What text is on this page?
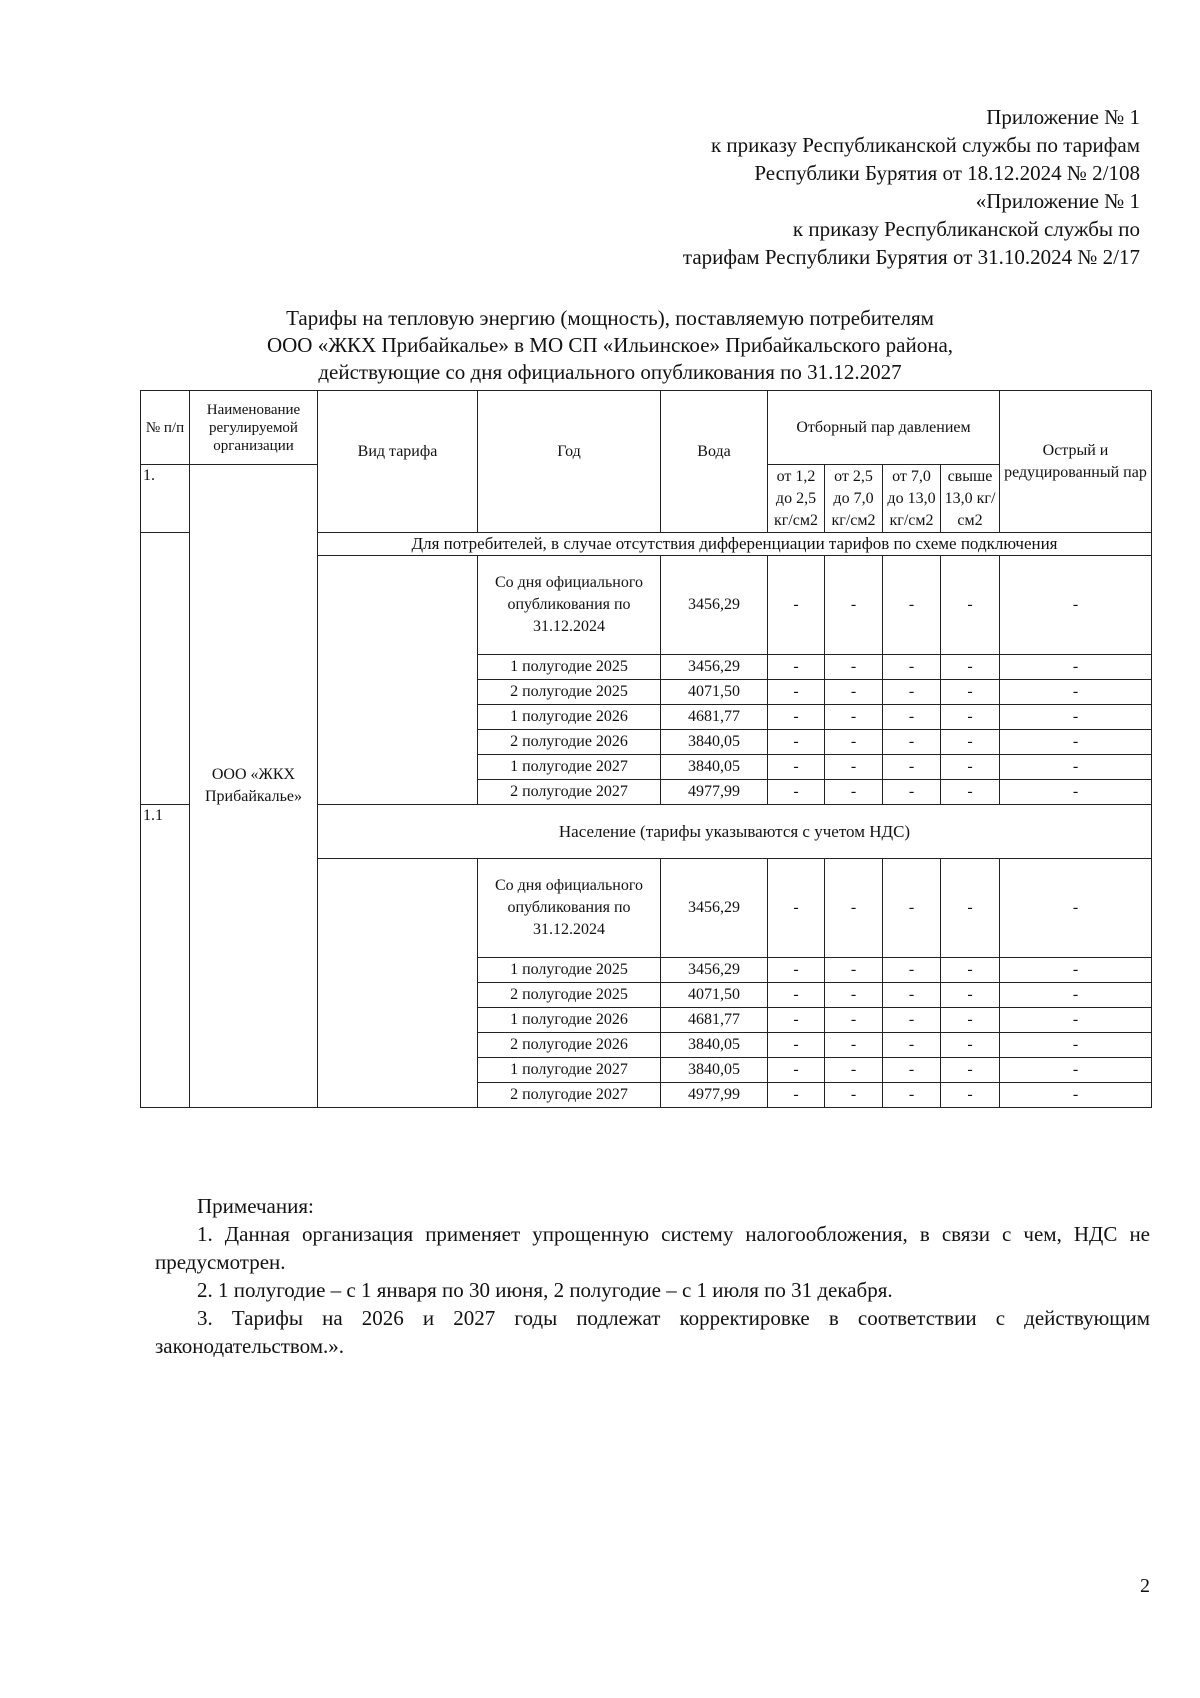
Приложение № 1
к приказу Республиканской службы по тарифам
Республики Бурятия от 18.12.2024 № 2/108
«Приложение № 1
к приказу Республиканской службы по
тарифам Республики Бурятия от 31.10.2024 № 2/17
Тарифы на тепловую энергию (мощность), поставляемую потребителям
ООО «ЖКХ Прибайкалье» в МО СП «Ильинское» Прибайкальского района,
действующие со дня официального опубликования по 31.12.2027
№ п/п	Наименование регулируемой организации	Вид тарифа	Год	Вода	Отборный пар давлением				Острый и редуцированный пар
1.	ООО «ЖКХ Прибайкалье»				от 1,2 до 2,5 кг/см2	от 2,5 до 7,0 кг/см2	от 7,0 до 13,0 кг/см2	свыше 13,0 кг/см2	
		Для потребителей, в случае отсутствия дифференциации тарифов по схеме подключения							
			Со дня официального опубликования по 31.12.2024	3456,29	-	-	-	-	-
			1 полугодие 2025	3456,29	-	-	-	-	-
			2 полугодие 2025	4071,50	-	-	-	-	-
			1 полугодие 2026	4681,77	-	-	-	-	-
			2 полугодие 2026	3840,05	-	-	-	-	-
			1 полугодие 2027	3840,05	-	-	-	-	-
			2 полугодие 2027	4977,99	-	-	-	-	-
1.1		Население (тарифы указываются с учетом НДС)							
			Со дня официального опубликования по 31.12.2024	3456,29	-	-	-	-	-
			1 полугодие 2025	3456,29	-	-	-	-	-
			2 полугодие 2025	4071,50	-	-	-	-	-
			1 полугодие 2026	4681,77	-	-	-	-	-
			2 полугодие 2026	3840,05	-	-	-	-	-
			1 полугодие 2027	3840,05	-	-	-	-	-
			2 полугодие 2027	4977,99	-	-	-	-	-
Примечания:
1. Данная организация применяет упрощенную систему налогообложения, в связи с чем, НДС не предусмотрен.
2. 1 полугодие – с 1 января по 30 июня, 2 полугодие – с 1 июля по 31 декабря.
3. Тарифы на 2026 и 2027 годы подлежат корректировке в соответствии с действующим законодательством.».
2
